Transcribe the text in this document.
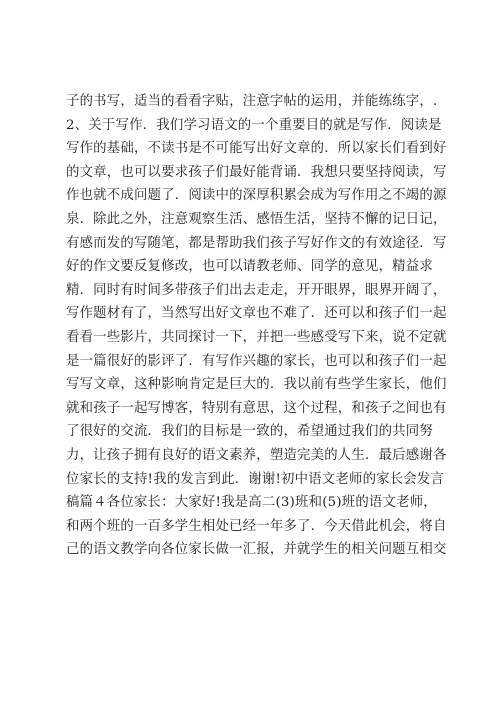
子的书写，适当的看看字贴，注意字帖的运用，并能练练字，.
2、关于写作．我们学习语文的一个重要目的就是写作．阅读是
写作的基础，不读书是不可能写出好文章的．所以家长们看到好
的文章，也可以要求孩子们最好能背诵．我想只要坚持阅读，写
作也就不成问题了．阅读中的深厚积累会成为写作用之不竭的源
泉．除此之外，注意观察生活、感悟生活，坚持不懈的记日记，
有感而发的写随笔，都是帮助我们孩子写好作文的有效途径．写
好的作文要反复修改，也可以请教老师、同学的意见，精益求
精．同时有时间多带孩子们出去走走，开开眼界，眼界开阔了，
写作题材有了，当然写出好文章也不难了．还可以和孩子们一起
看看一些影片，共同探讨一下，并把一些感受写下来，说不定就
是一篇很好的影评了．有写作兴趣的家长，也可以和孩子们一起
写写文章，这种影响肯定是巨大的．我以前有些学生家长，他们
就和孩子一起写博客，特别有意思，这个过程，和孩子之间也有
了很好的交流．我们的目标是一致的，希望通过我们的共同努
力，让孩子拥有良好的语文素养，塑造完美的人生．最后感谢各
位家长的支持!我的发言到此．谢谢!初中语文老师的家长会发言
稿篇４各位家长：大家好!我是高二(3)班和(5)班的语文老师，
和两个班的一百多学生相处已经一年多了．今天借此机会，将自
己的语文教学向各位家长做一汇报，并就学生的相关问题互相交
